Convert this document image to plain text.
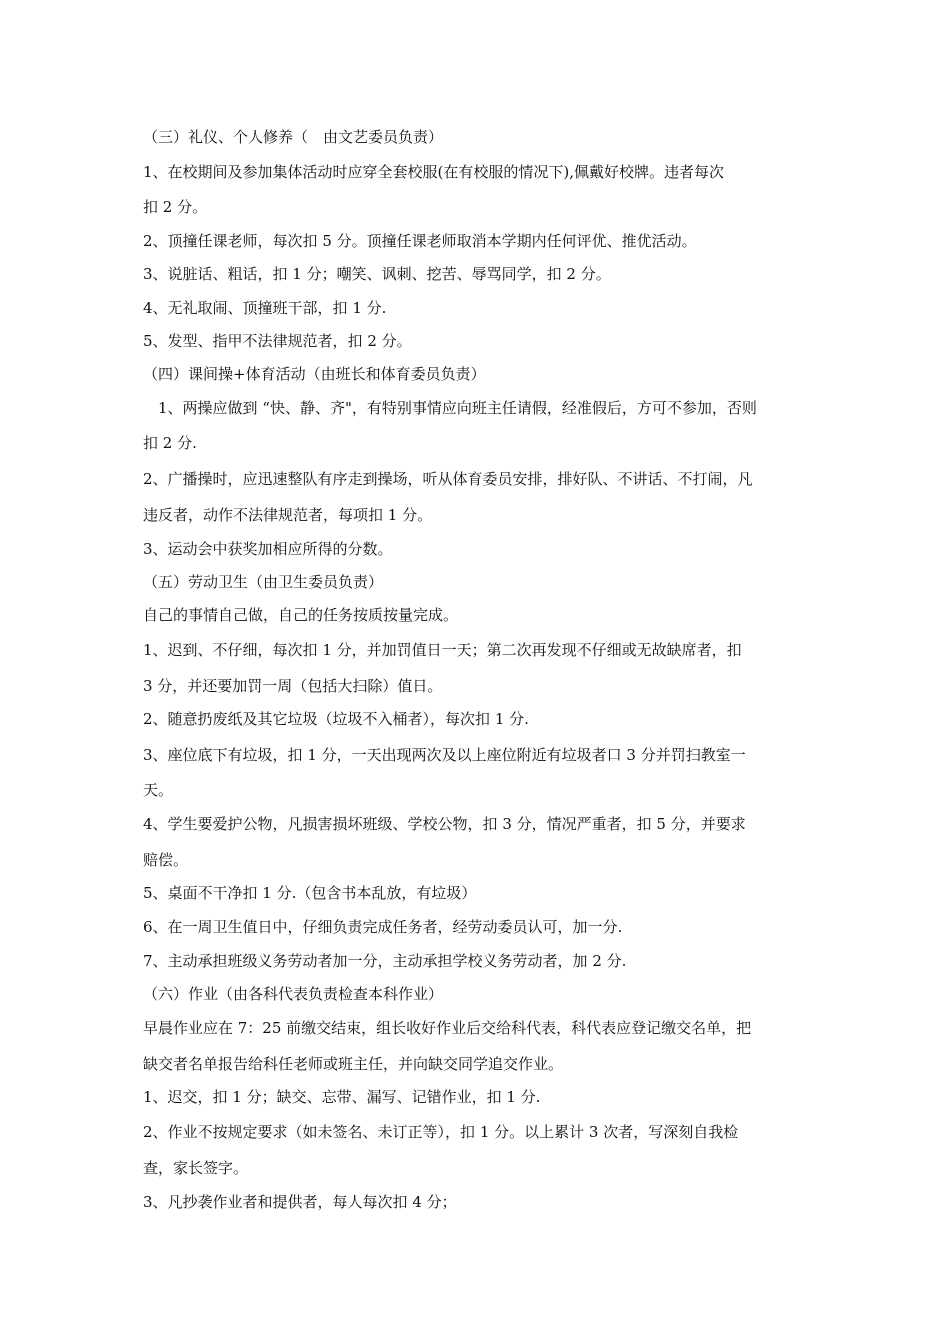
（三）礼仪、个人修养（　由文艺委员负责）
1、在校期间及参加集体活动时应穿全套校服(在有校服的情况下),佩戴好校牌。违者每次
扣 2 分。
2、顶撞任课老师，每次扣 5 分。顶撞任课老师取消本学期内任何评优、推优活动。
3、说脏话、粗话，扣 1 分；嘲笑、讽刺、挖苦、辱骂同学，扣 2 分。
4、无礼取闹、顶撞班干部，扣 1 分.
5、发型、指甲不法律规范者，扣 2 分。
（四）课间操+体育活动（由班长和体育委员负责）
　1、两操应做到 “快、静、齐"，有特别事情应向班主任请假，经准假后，方可不参加，否则
扣 2 分.
2、广播操时，应迅速整队有序走到操场，听从体育委员安排，排好队、不讲话、不打闹，凡
违反者，动作不法律规范者，每项扣 1 分。
3、运动会中获奖加相应所得的分数。
（五）劳动卫生（由卫生委员负责）
自己的事情自己做，自己的任务按质按量完成。
1、迟到、不仔细，每次扣 1 分，并加罚值日一天；第二次再发现不仔细或无故缺席者，扣
3 分，并还要加罚一周（包括大扫除）值日。
2、随意扔废纸及其它垃圾（垃圾不入桶者），每次扣 1 分.
3、座位底下有垃圾，扣 1 分，一天出现两次及以上座位附近有垃圾者口 3 分并罚扫教室一
天。
4、学生要爱护公物，凡损害损坏班级、学校公物，扣 3 分，情况严重者，扣 5 分，并要求
赔偿。
5、桌面不干净扣 1 分.（包含书本乱放，有垃圾）
6、在一周卫生值日中，仔细负责完成任务者，经劳动委员认可，加一分.
7、主动承担班级义务劳动者加一分，主动承担学校义务劳动者，加 2 分.
（六）作业（由各科代表负责检查本科作业）
早晨作业应在 7：25 前缴交结束，组长收好作业后交给科代表，科代表应登记缴交名单，把
缺交者名单报告给科任老师或班主任，并向缺交同学追交作业。
1、迟交，扣 1 分；缺交、忘带、漏写、记错作业，扣 1 分.
2、作业不按规定要求（如未签名、未订正等），扣 1 分。以上累计 3 次者，写深刻自我检
查，家长签字。
3、凡抄袭作业者和提供者，每人每次扣 4 分；
